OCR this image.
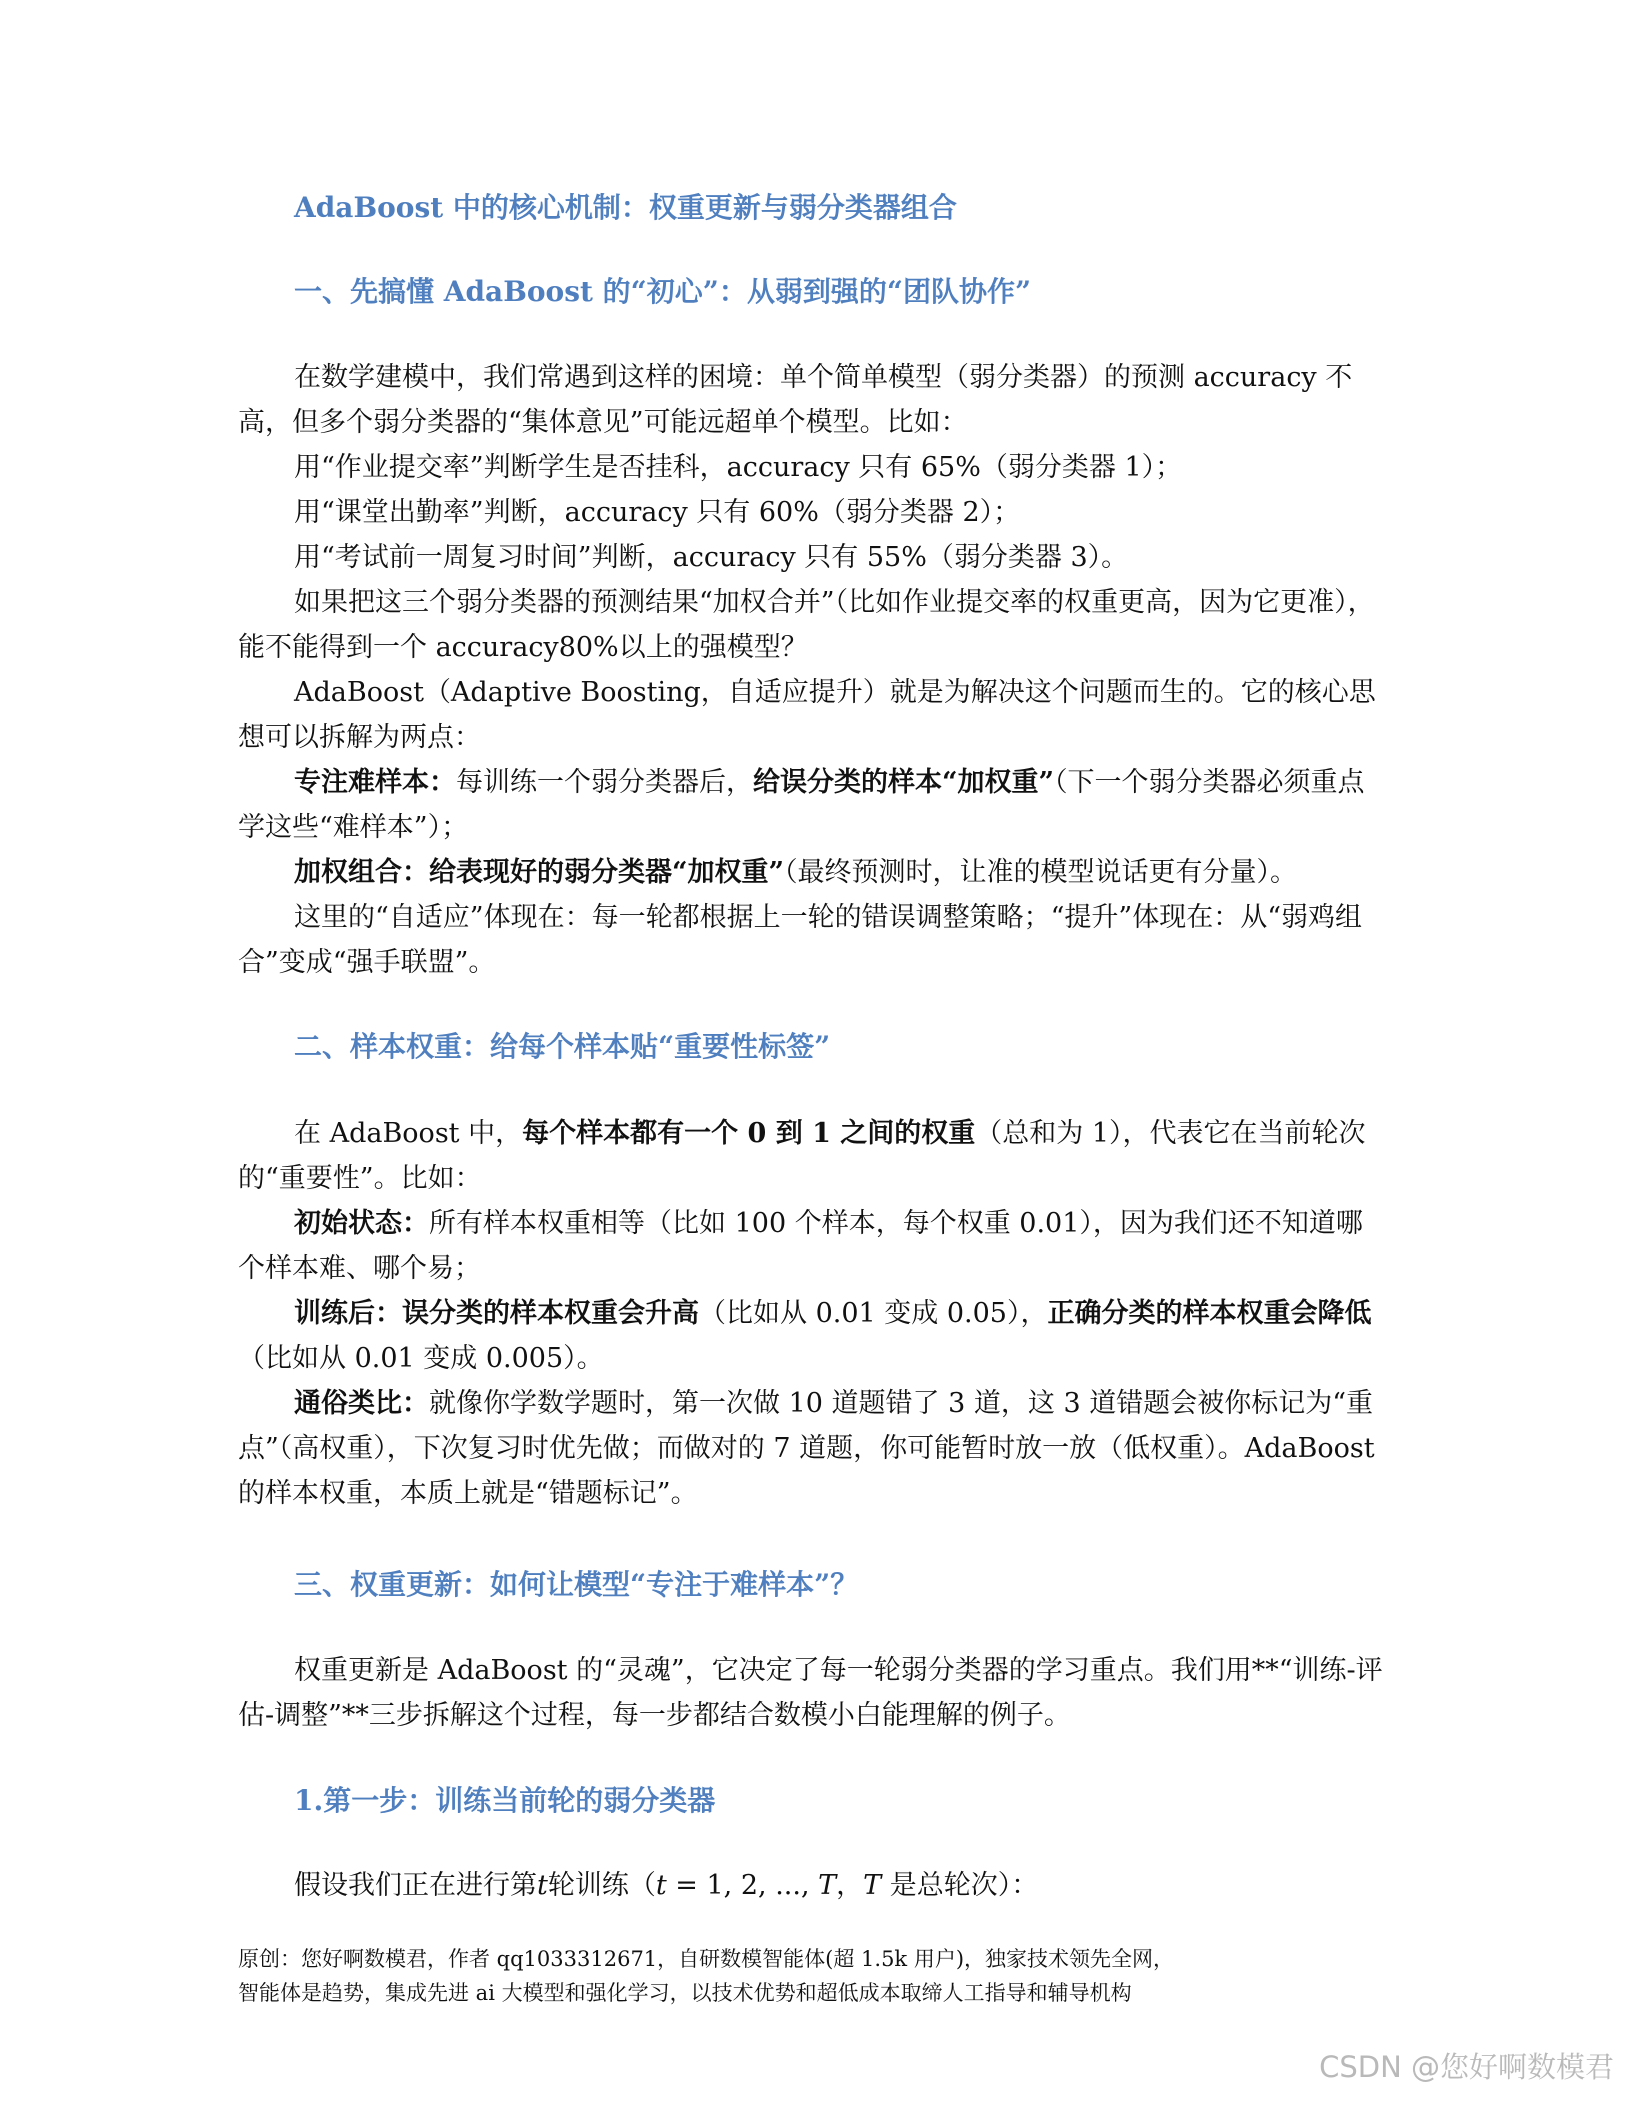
AdaBoost 中的核心机制：权重更新与弱分类器组合
一、先搞懂 AdaBoost 的“初心”：从弱到强的“团队协作”

在数学建模中，我们常遇到这样的困境：单个简单模型（弱分类器）的预测 accuracy 不高，但多个弱分类器的“集体意见”可能远超单个模型。比如：

用“作业提交率”判断学生是否挂科，accuracy 只有 65%（弱分类器 1）；

用“课堂出勤率”判断，accuracy 只有 60%（弱分类器 2）；

用“考试前一周复习时间”判断，accuracy 只有 55%（弱分类器 3）。

如果把这三个弱分类器的预测结果“加权合并”（比如作业提交率的权重更高，因为它更准），能不能得到一个 accuracy80%以上的强模型？

AdaBoost（Adaptive Boosting，自适应提升）就是为解决这个问题而生的。它的核心思想可以拆解为两点：

专注难样本：每训练一个弱分类器后，给误分类的样本“加权重”（下一个弱分类器必须重点学这些“难样本”）；

加权组合：给表现好的弱分类器“加权重”（最终预测时，让准的模型说话更有分量）。

这里的“自适应”体现在：每一轮都根据上一轮的错误调整策略；“提升”体现在：从“弱鸡组合”变成“强手联盟”。

二、样本权重：给每个样本贴“重要性标签”

在 AdaBoost 中，每个样本都有一个 0 到 1 之间的权重（总和为 1），代表它在当前轮次的“重要性”。比如：

初始状态：所有样本权重相等（比如 100 个样本，每个权重 0.01），因为我们还不知道哪个样本难、哪个易；

训练后：误分类的样本权重会升高（比如从 0.01 变成 0.05），正确分类的样本权重会降低（比如从 0.01 变成 0.005）。

通俗类比：就像你学数学题时，第一次做 10 道题错了 3 道，这 3 道错题会被你标记为“重点”（高权重），下次复习时优先做；而做对的 7 道题，你可能暂时放一放（低权重）。AdaBoost 的样本权重，本质上就是“错题标记”。

三、权重更新：如何让模型“专注于难样本”？

权重更新是 AdaBoost 的“灵魂”，它决定了每一轮弱分类器的学习重点。我们用**“训练-评估-调整”**三步拆解这个过程，每一步都结合数模小白能理解的例子。

1.第一步：训练当前轮的弱分类器

假设我们正在进行第t轮训练（t = 1, 2, ..., T，T 是总轮次）：

原创：您好啊数模君，作者 qq1033312671，自研数模智能体(超 1.5k 用户)，独家技术领先全网，
智能体是趋势，集成先进 ai 大模型和强化学习，以技术优势和超低成本取缔人工指导和辅导机构
CSDN @您好啊数模君
